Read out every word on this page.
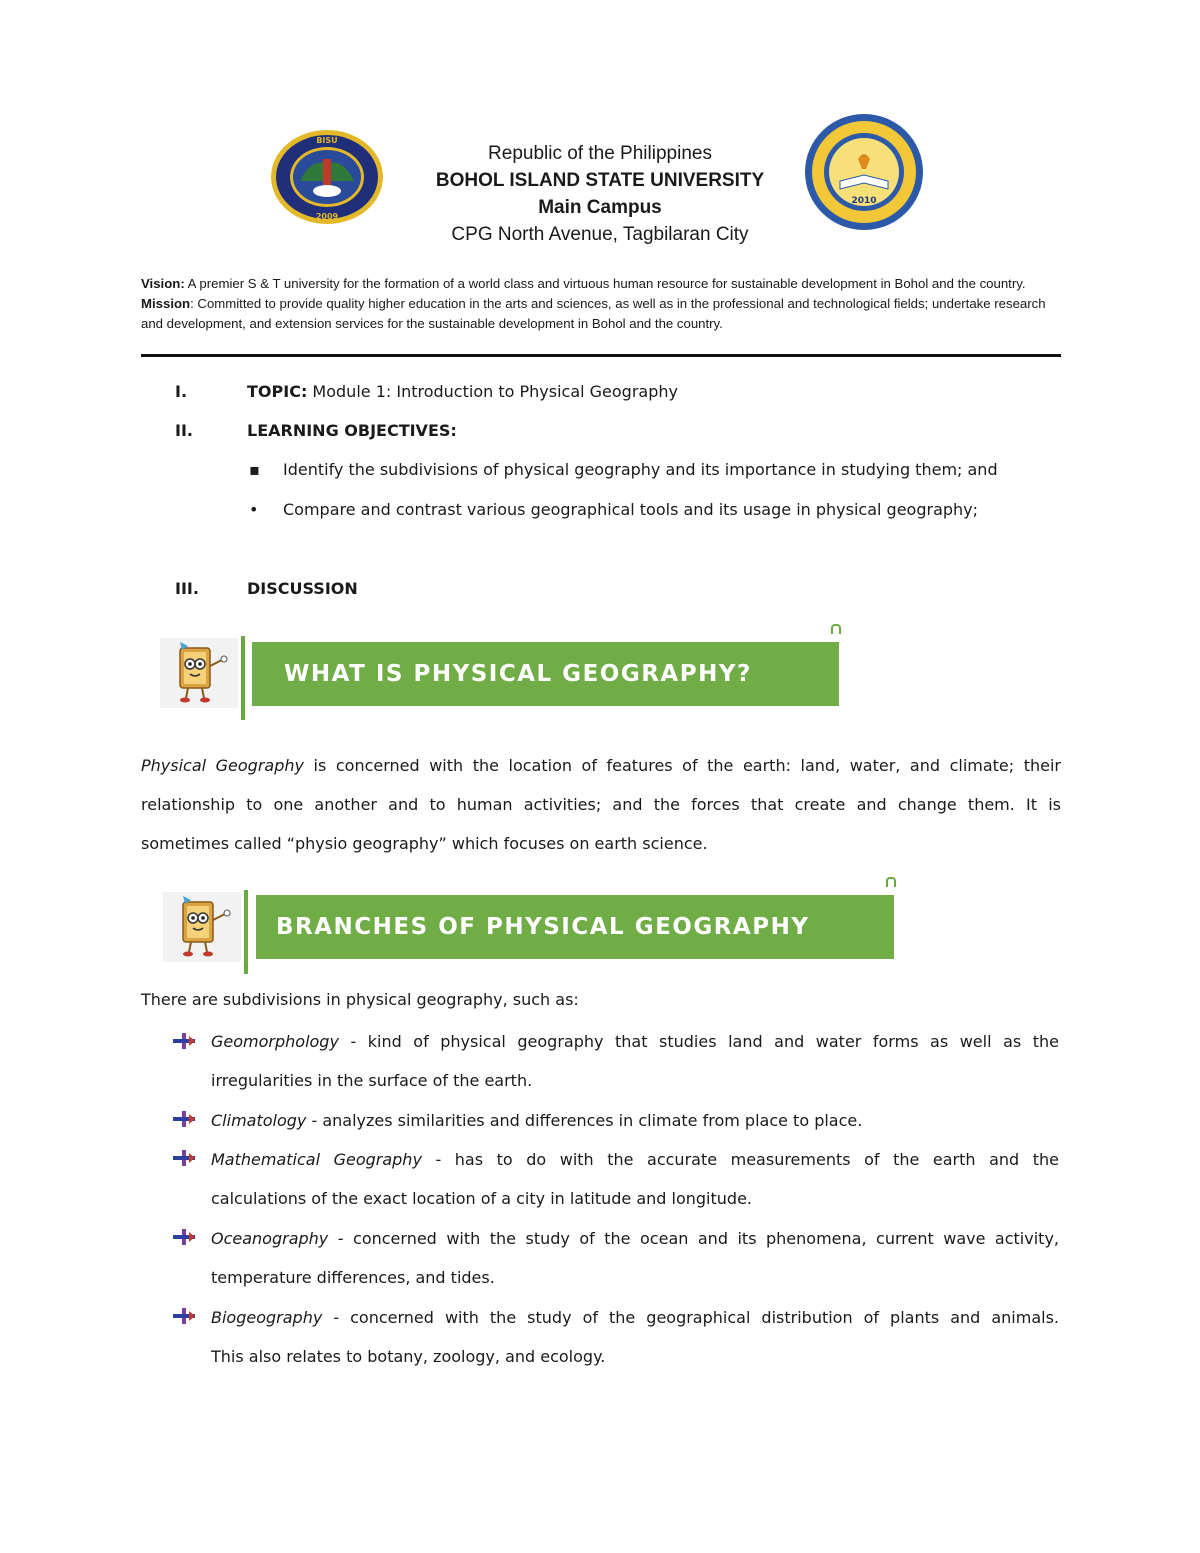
BISU
2009
2010
Republic of the Philippines
BOHOL ISLAND STATE UNIVERSITY
Main Campus
CPG North Avenue, Tagbilaran City
Vision: A premier S & T university for the formation of a world class and virtuous human resource for sustainable development in Bohol and the country.
Mission: Committed to provide quality higher education in the arts and sciences, as well as in the professional and technological fields; undertake research and development, and extension services for the sustainable development in Bohol and the country.
I.	TOPIC: Module 1: Introduction to Physical Geography
II.	LEARNING OBJECTIVES:
▪ Identify the subdivisions of physical geography and its importance in studying them; and
• Compare and contrast various geographical tools and its usage in physical geography;
III.	DISCUSSION
WHAT IS PHYSICAL GEOGRAPHY?
Physical Geography is concerned with the location of features of the earth: land, water, and climate; their
relationship to one another and to human activities; and the forces that create and change them. It is
sometimes called “physio geography” which focuses on earth science.
BRANCHES OF PHYSICAL GEOGRAPHY
There are subdivisions in physical geography, such as:
Geomorphology - kind of physical geography that studies land and water forms as well as the
irregularities in the surface of the earth.
Climatology - analyzes similarities and differences in climate from place to place.
Mathematical Geography - has to do with the accurate measurements of the earth and the
calculations of the exact location of a city in latitude and longitude.
Oceanography - concerned with the study of the ocean and its phenomena, current wave activity,
temperature differences, and tides.
Biogeography - concerned with the study of the geographical distribution of plants and animals.
This also relates to botany, zoology, and ecology.
